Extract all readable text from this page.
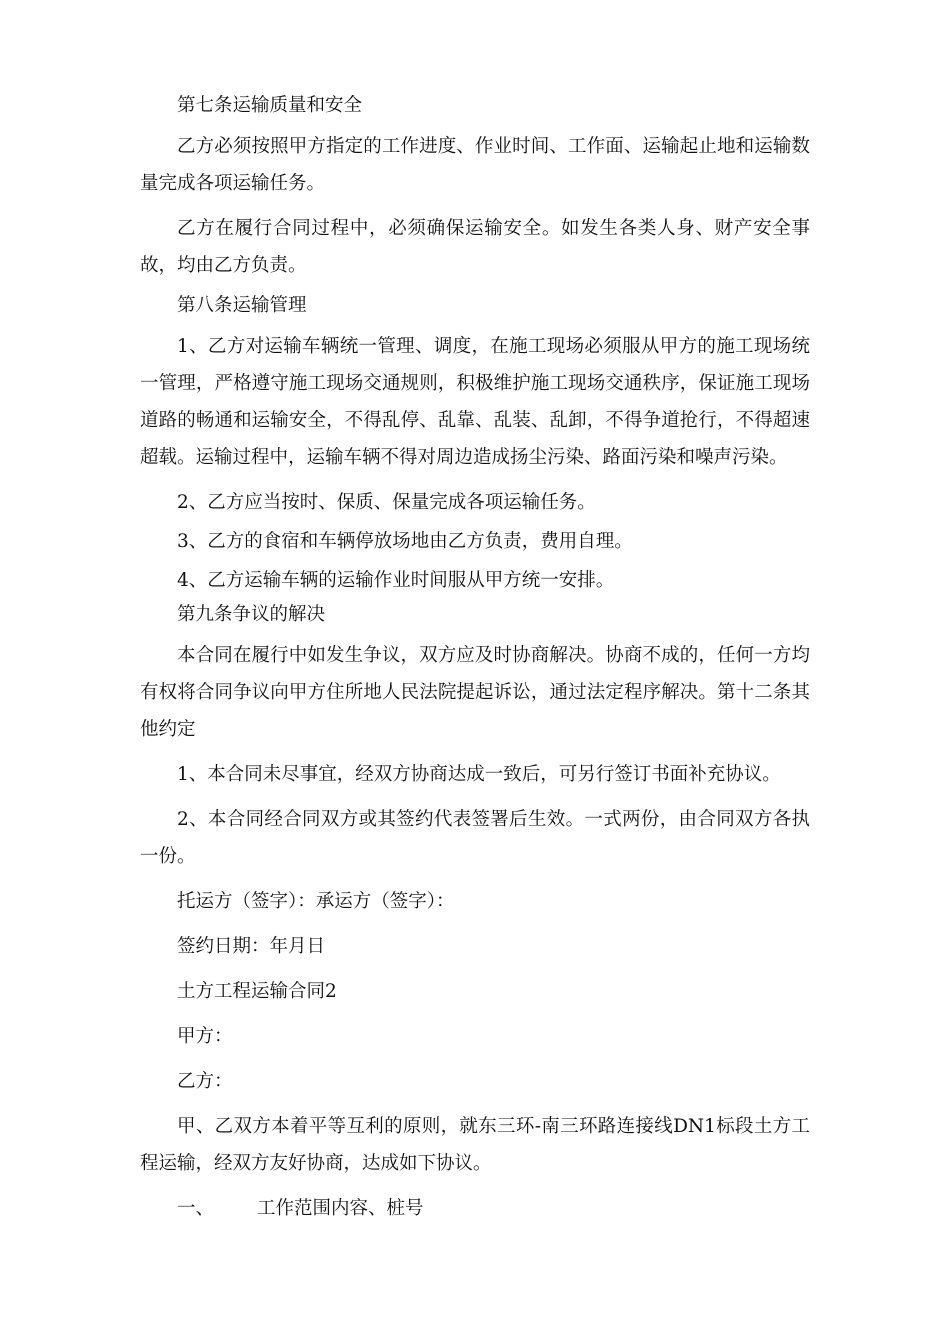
第七条运输质量和安全

乙方必须按照甲方指定的工作进度、作业时间、工作面、运输起止地和运输数量完成各项运输任务。

乙方在履行合同过程中，必须确保运输安全。如发生各类人身、财产安全事故，均由乙方负责。

第八条运输管理

1、乙方对运输车辆统一管理、调度，在施工现场必须服从甲方的施工现场统一管理，严格遵守施工现场交通规则，积极维护施工现场交通秩序，保证施工现场道路的畅通和运输安全，不得乱停、乱靠、乱装、乱卸，不得争道抢行，不得超速超载。运输过程中，运输车辆不得对周边造成扬尘污染、路面污染和噪声污染。

2、乙方应当按时、保质、保量完成各项运输任务。

3、乙方的食宿和车辆停放场地由乙方负责，费用自理。

4、乙方运输车辆的运输作业时间服从甲方统一安排。

第九条争议的解决

本合同在履行中如发生争议，双方应及时协商解决。协商不成的，任何一方均有权将合同争议向甲方住所地人民法院提起诉讼，通过法定程序解决。第十二条其他约定

1、本合同未尽事宜，经双方协商达成一致后，可另行签订书面补充协议。

2、本合同经合同双方或其签约代表签署后生效。一式两份，由合同双方各执一份。

托运方（签字）：承运方（签字）：

签约日期：年月日

土方工程运输合同2

甲方：

乙方：

甲、乙双方本着平等互利的原则，就东三环-南三环路连接线DN1标段土方工程运输，经双方友好协商，达成如下协议。

一、 工作范围内容、桩号
